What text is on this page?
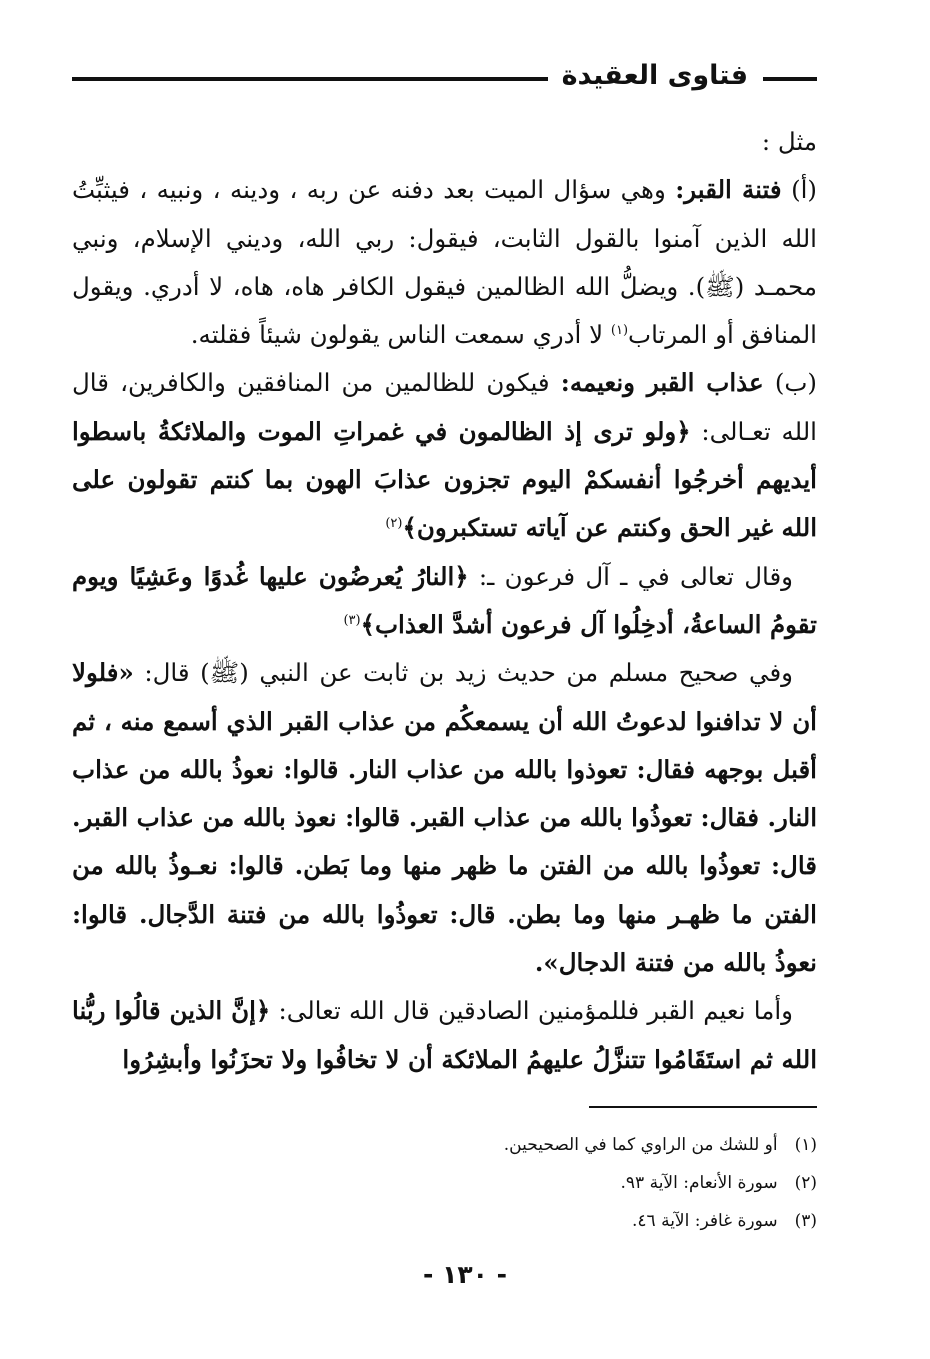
فتاوى العقيدة

مثل :

(أ) فتنة القبر: وهي سؤال الميت بعد دفنه عن ربه ، ودينه ، ونبيه ، فيثبِّتُ الله الذين آمنوا بالقول الثابت، فيقول: ربي الله، وديني الإسلام، ونبي محمـد (ﷺ). ويضلُّ الله الظالمين فيقول الكافر هاه، هاه، لا أدري. ويقول المنافق أو المرتاب$^{(١)}$ لا أدري سمعت الناس يقولون شيئاً فقلته.

(ب) عذاب القبر ونعيمه: فيكون للظالمين من المنافقين والكافرين، قال الله تعـالى: ﴿ولو ترى إذ الظالمون في غمراتِ الموت والملائكةُ باسطوا أيديهم أخرجُوا أنفسكمْ اليوم تجزون عذابَ الهون بما كنتم تقولون على الله غير الحق وكنتم عن آياته تستكبرون﴾$^{(٢)}$

وقال تعالى في ـ آل فرعون ـ: ﴿النارُ يُعرضُون عليها غُدوًا وعَشِيًا ويوم تقومُ الساعةُ، أدخِلُوا آل فرعون أشدَّ العذاب﴾$^{(٣)}$

وفي صحيح مسلم من حديث زيد بن ثابت عن النبي (ﷺ) قال: «فلولا أن لا تدافنوا لدعوتُ الله أن يسمعكُم من عذاب القبر الذي أسمع منه ، ثم أقبل بوجهه فقال: تعوذوا بالله من عذاب النار. قالوا: نعوذُ بالله من عذاب النار. فقال: تعوذُوا بالله من عذاب القبر. قالوا: نعوذ بالله من عذاب القبر. قال: تعوذُوا بالله من الفتن ما ظهر منها وما بَطن. قالوا: نعـوذُ بالله من الفتن ما ظهـر منها وما بطن. قال: تعوذُوا بالله من فتنة الدَّجال. قالوا: نعوذُ بالله من فتنة الدجال».

وأما نعيم القبر فللمؤمنين الصادقين قال الله تعالى: ﴿إنَّ الذين قالُوا ربُّنا الله ثم استَقَامُوا تتنزَّلُ عليهمُ الملائكة أن لا تخافُوا ولا تحزَنُوا وأبشِرُوا

(١) أو للشك من الراوي كما في الصحيحين.

(٢) سورة الأنعام: الآية ٩٣.

(٣) سورة غافر: الآية ٤٦.

- ١٣٠ -
